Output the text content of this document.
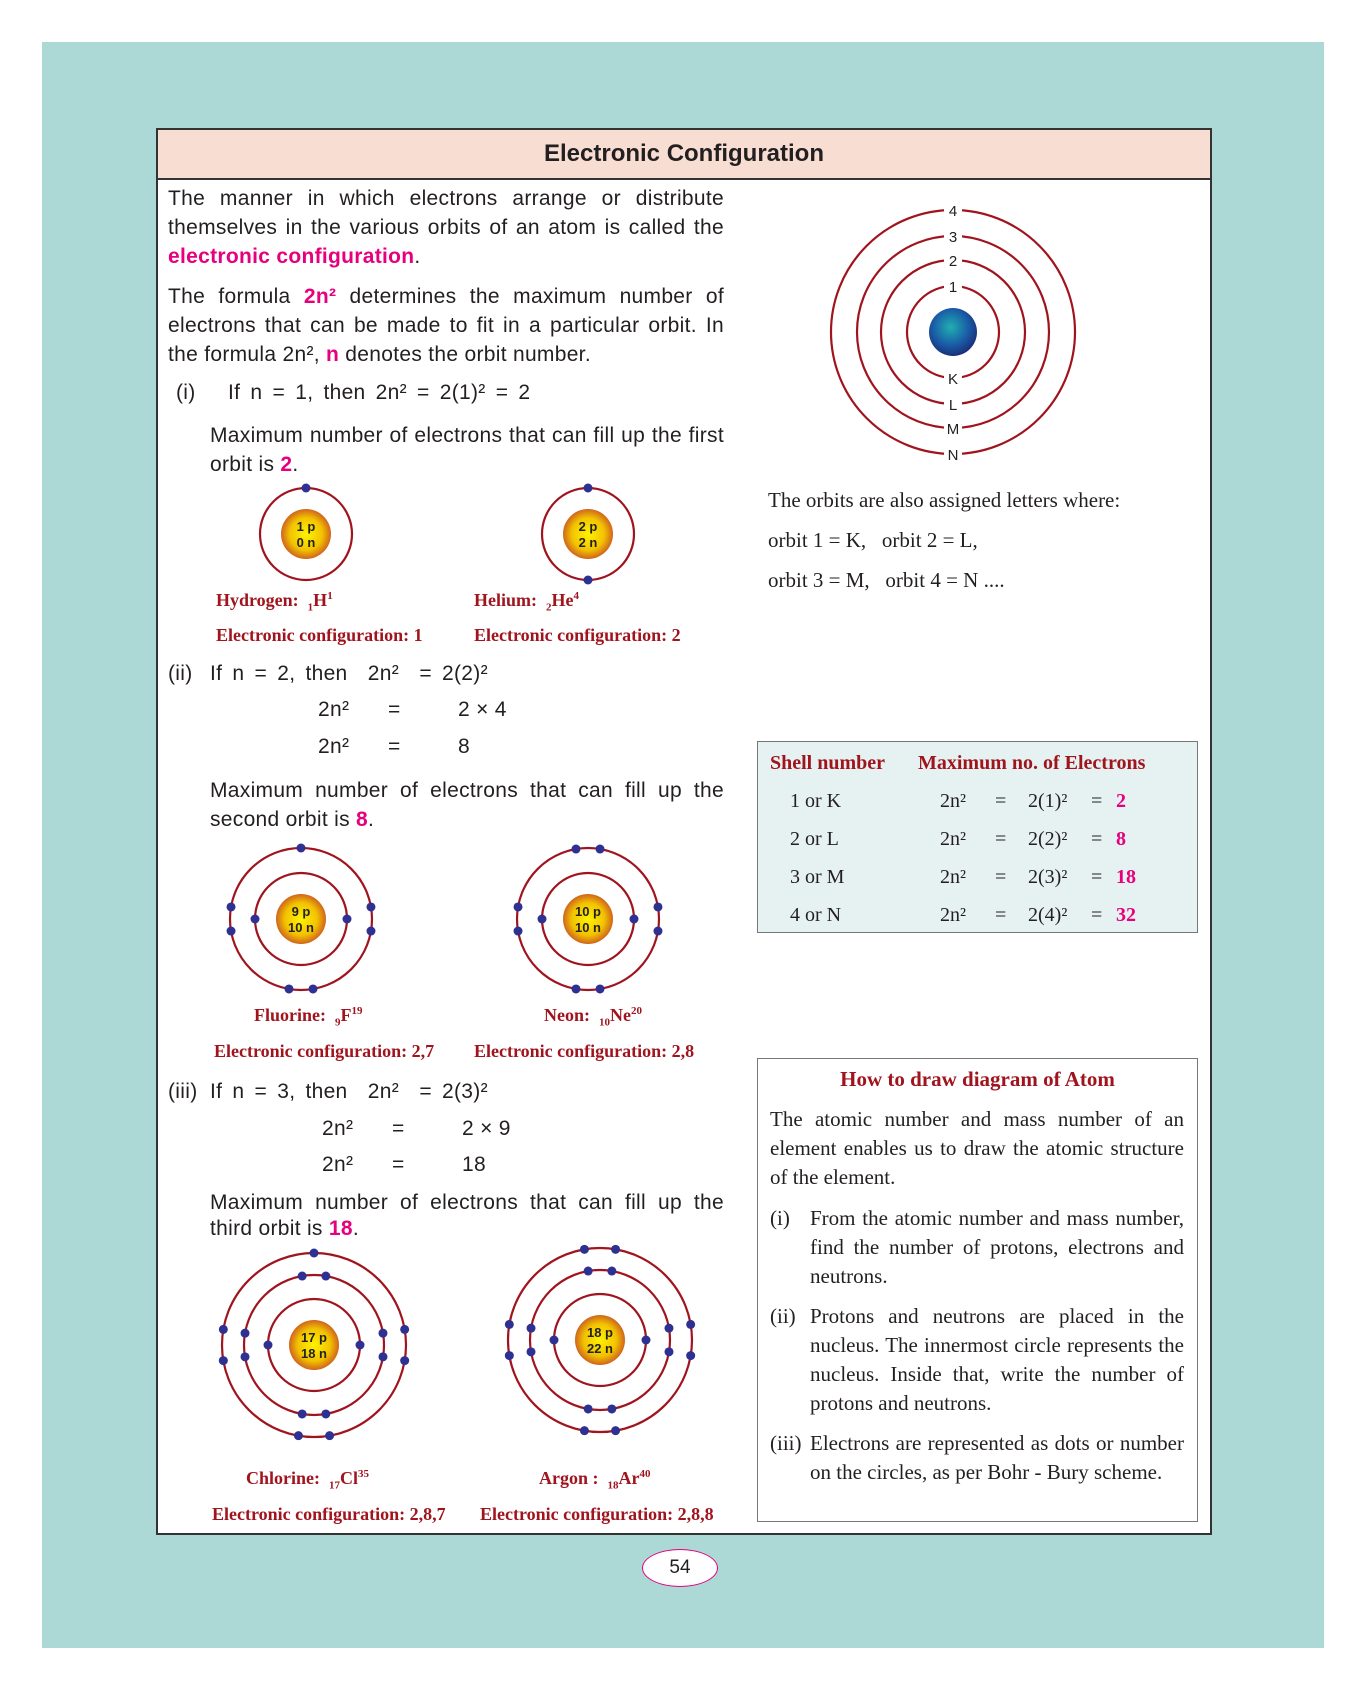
Electronic Configuration
The manner in which electrons arrange or distribute themselves in the various orbits of an atom is called the electronic configuration.
The formula 2n² determines the maximum number of electrons that can be made to fit in a particular orbit. In the formula 2n², n denotes the orbit number.
(i) If n = 1, then 2n² = 2(1)² = 2
Maximum number of electrons that can fill up the first orbit is 2.
(ii) If n = 2, then  2n²  = 2(2)²
2n² =	2 × 4
2n² =	8
Maximum number of electrons that can fill up the second orbit is 8.
(iii) If n = 3, then  2n²  = 2(3)²
2n² =	2 × 9
2n² =	18
Maximum number of electrons that can fill up the third orbit is 18.
1 p
0 n
2 p
2 n
9 p
10 n
10 p
10 n
17 p
18 n
18 p
22 n
Hydrogen: $_1H^1$
Electronic configuration: 1
Helium: $_2He^4$
Electronic configuration: 2
Fluorine: $_9F^{19}$
Electronic configuration: 2,7
Neon: $_{10}Ne^{20}$
Electronic configuration: 2,8
Chlorine: $_{17}Cl^{35}$
Electronic configuration: 2,8,7
Argon : $_{18}Ar^{40}$
Electronic configuration: 2,8,8
1
K
2
L
3
M
4
N
The orbits are also assigned letters where:
orbit 1 = K,   orbit 2 = L,
orbit 3 = M,   orbit 4 = N ....
Shell number Maximum no. of Electrons
1 or K	2n² = 2(1)² = 2
2 or L	2n² = 2(2)² = 8
3 or M	2n² = 2(3)² = 18
4 or N	2n² = 2(4)² = 32
How to draw diagram of Atom
The atomic number and mass number of an element enables us to draw the atomic structure of the element.
(i) From the atomic number and mass number, find the number of protons, electrons and neutrons.
(ii) Protons and neutrons are placed in the nucleus. The innermost circle represents the nucleus. Inside that, write the number of protons and neutrons.
(iii) Electrons are represented as dots or number on the circles, as per Bohr - Bury scheme.
54
